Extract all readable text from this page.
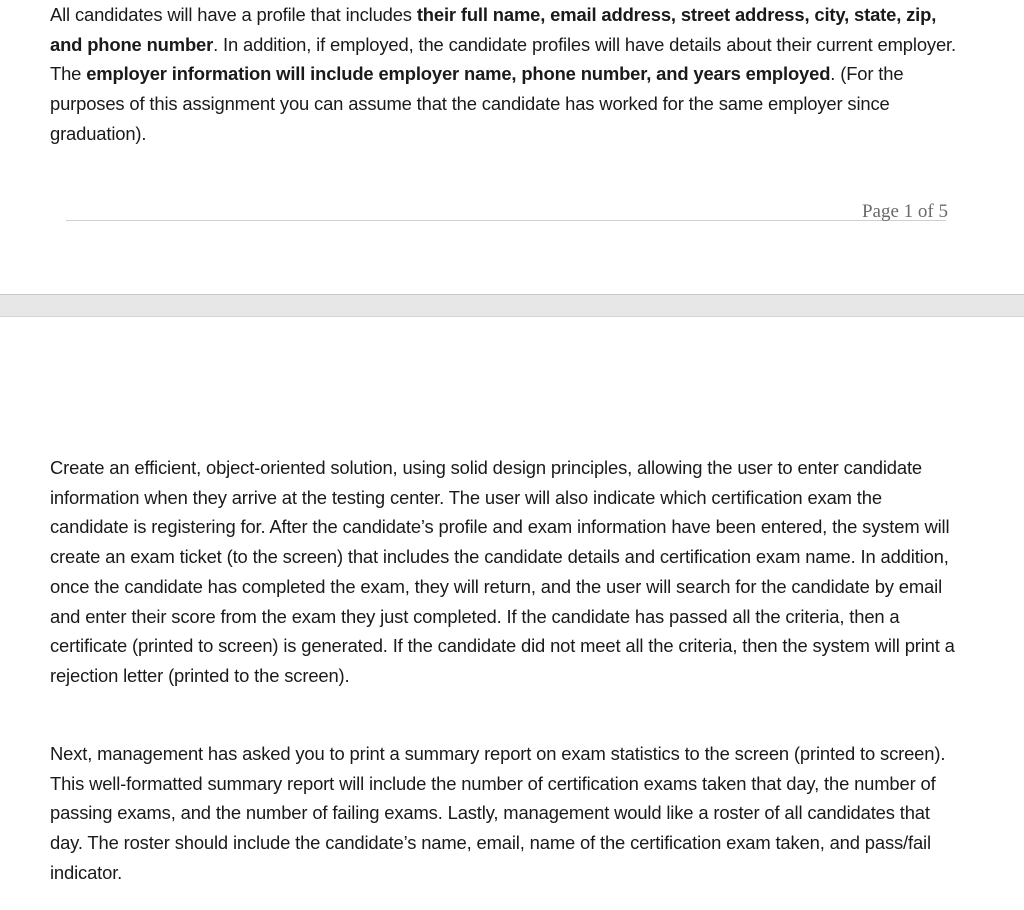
All candidates will have a profile that includes their full name, email address, street address, city, state, zip, and phone number. In addition, if employed, the candidate profiles will have details about their current employer. The employer information will include employer name, phone number, and years employed. (For the purposes of this assignment you can assume that the candidate has worked for the same employer since graduation).

Page 1 of 5

Create an efficient, object-oriented solution, using solid design principles, allowing the user to enter candidate information when they arrive at the testing center. The user will also indicate which certification exam the candidate is registering for. After the candidate’s profile and exam information have been entered, the system will create an exam ticket (to the screen) that includes the candidate details and certification exam name. In addition, once the candidate has completed the exam, they will return, and the user will search for the candidate by email and enter their score from the exam they just completed. If the candidate has passed all the criteria, then a certificate (printed to screen) is generated. If the candidate did not meet all the criteria, then the system will print a rejection letter (printed to the screen).

Next, management has asked you to print a summary report on exam statistics to the screen (printed to screen). This well-formatted summary report will include the number of certification exams taken that day, the number of passing exams, and the number of failing exams. Lastly, management would like a roster of all candidates that day. The roster should include the candidate’s name, email, name of the certification exam taken, and pass/fail indicator.
